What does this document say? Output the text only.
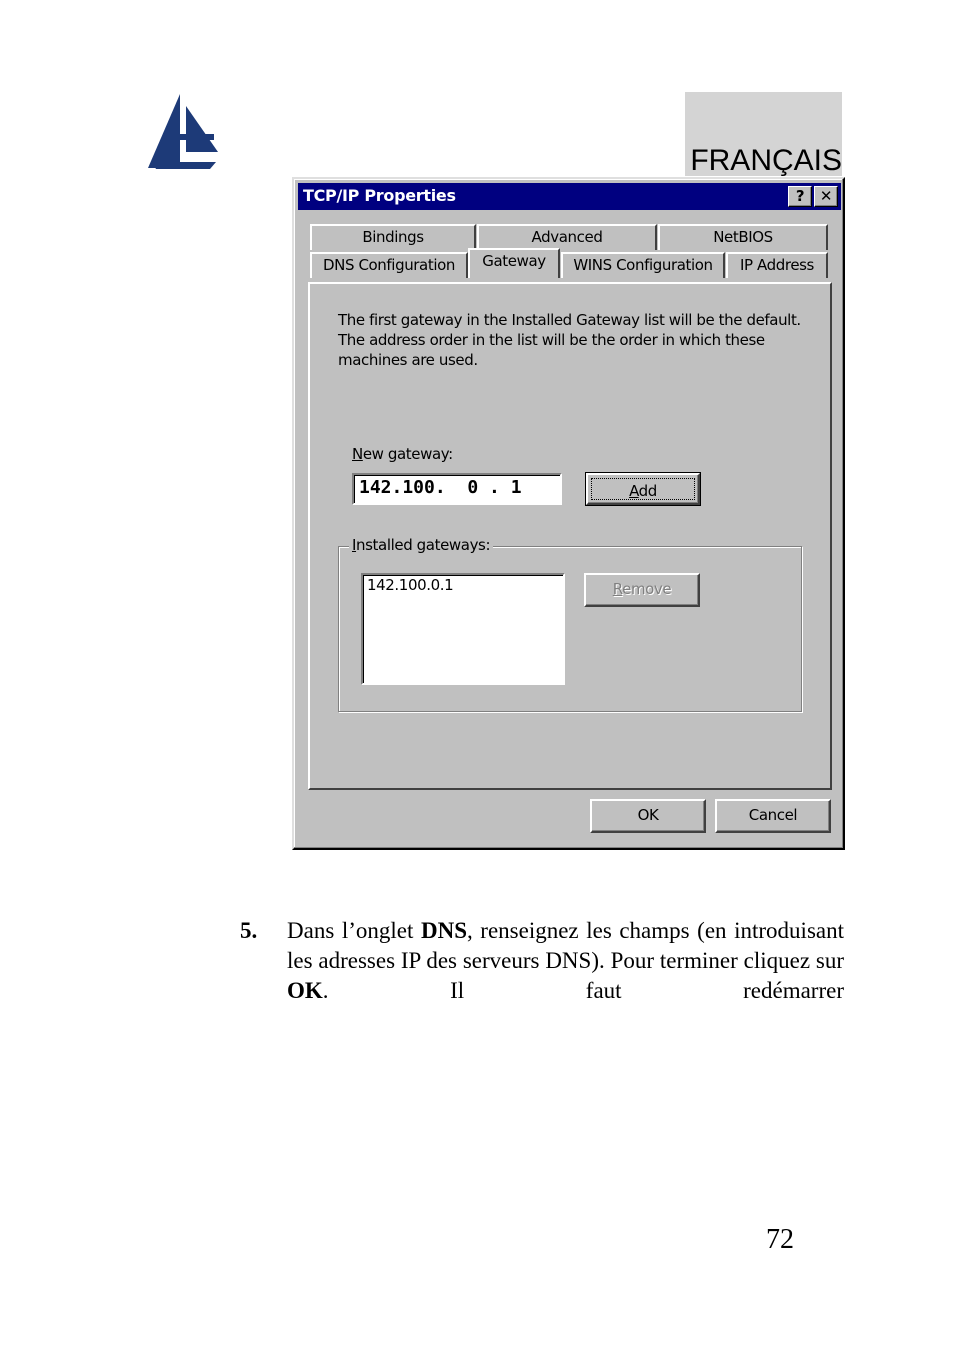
FRANÇAIS
TCP/IP Properties	?	✕
Bindings	Advanced	NetBIOS
DNS Configuration	Gateway	WINS Configuration	IP Address
The first gateway in the Installed Gateway list will be the default.
The address order in the list will be the order in which these
machines are used.
New gateway:
142.100.  0 . 1	Add
Installed gateways:
142.100.0.1	Remove
OK	Cancel
5. Dans l’onglet DNS, renseignez les champs (en introduisant les adresses IP des serveurs DNS). Pour terminer cliquez sur OK. Il faut redémarrer

72
